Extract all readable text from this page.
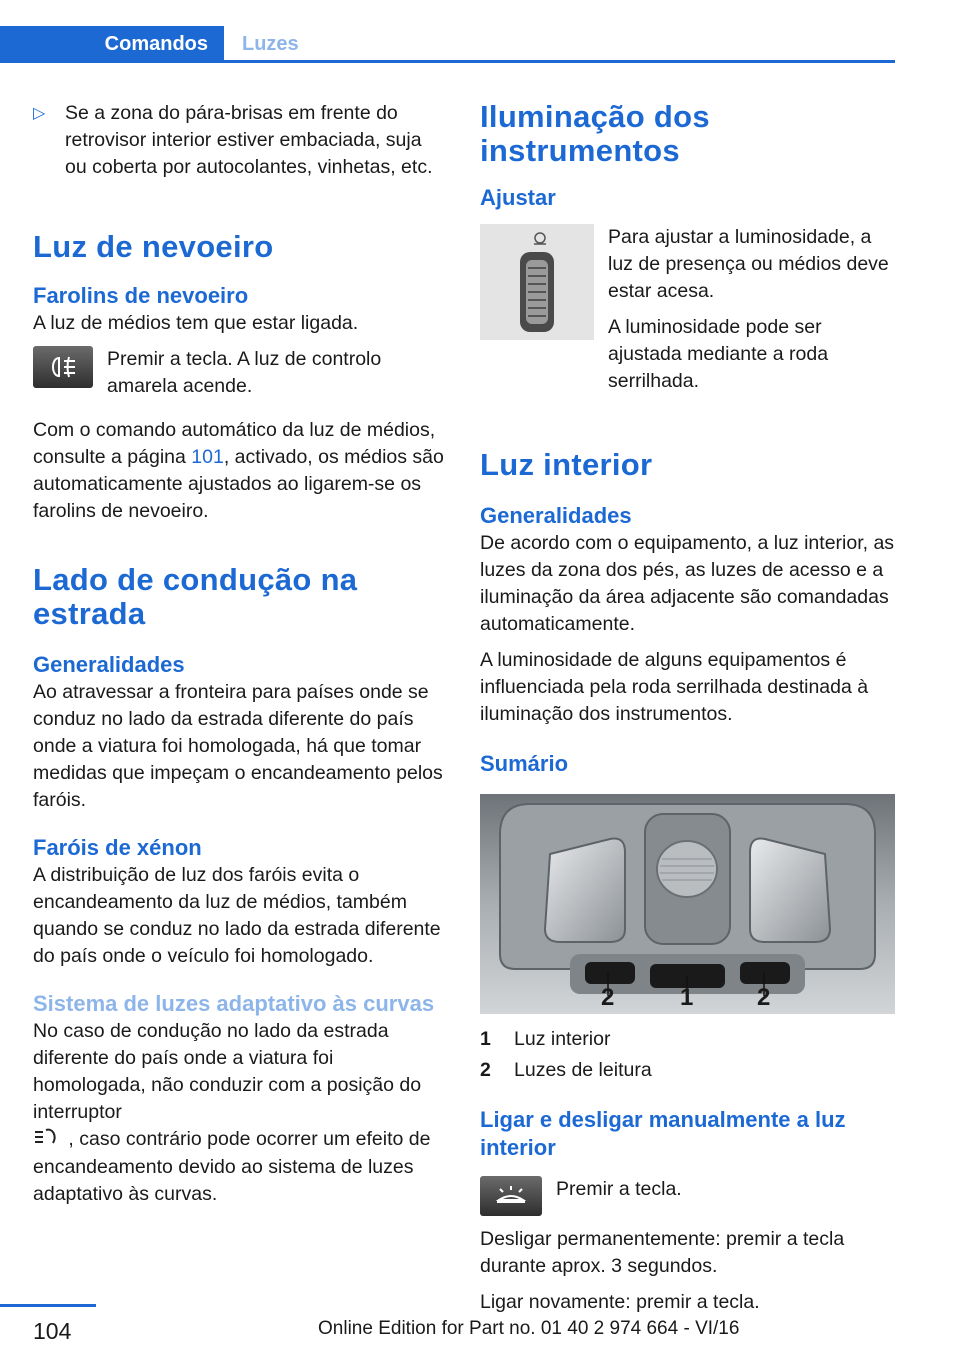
Comandos	Luzes
▷	Se a zona do pára-brisas em frente do retrovisor interior estiver embaciada, suja ou coberta por autocolantes, vinhetas, etc.

Luz de nevoeiro
Farolins de nevoeiro

A luz de médios tem que estar ligada.

Premir a tecla. A luz de controlo amarela acende.

Com o comando automático da luz de médios, consulte a página 101, activado, os médios são automaticamente ajustados ao ligarem-se os farolins de nevoeiro.

Lado de condução na estrada
Generalidades

Ao atravessar a fronteira para países onde se conduz no lado da estrada diferente do país onde a viatura foi homologada, há que tomar medidas que impeçam o encandeamento pelos faróis.

Faróis de xénon

A distribuição de luz dos faróis evita o encandeamento da luz de médios, também quando se conduz no lado da estrada diferente do país onde o veículo foi homologado.

Sistema de luzes adaptativo às curvas

No caso de condução no lado da estrada diferente do país onde a viatura foi homologada, não conduzir com a posição do interruptor
, caso contrário pode ocorrer um efeito de encandeamento devido ao sistema de luzes adaptativo às curvas.

Iluminação dos instrumentos
Ajustar

Para ajustar a luminosidade, a luz de presença ou médios deve estar acesa.

A luminosidade pode ser ajustada mediante a roda serrilhada.

Luz interior
Generalidades

De acordo com o equipamento, a luz interior, as luzes da zona dos pés, as luzes de acesso e a iluminação da área adjacente são comandadas automaticamente.

A luminosidade de alguns equipamentos é influenciada pela roda serrilhada destinada à iluminação dos instrumentos.

Sumário
2	1	2
1	Luz interior
2	Luzes de leitura
Ligar e desligar manualmente a luz interior

Premir a tecla.

Desligar permanentemente: premir a tecla durante aprox. 3 segundos.

Ligar novamente: premir a tecla.

104	Online Edition for Part no. 01 40 2 974 664 - VI/16
